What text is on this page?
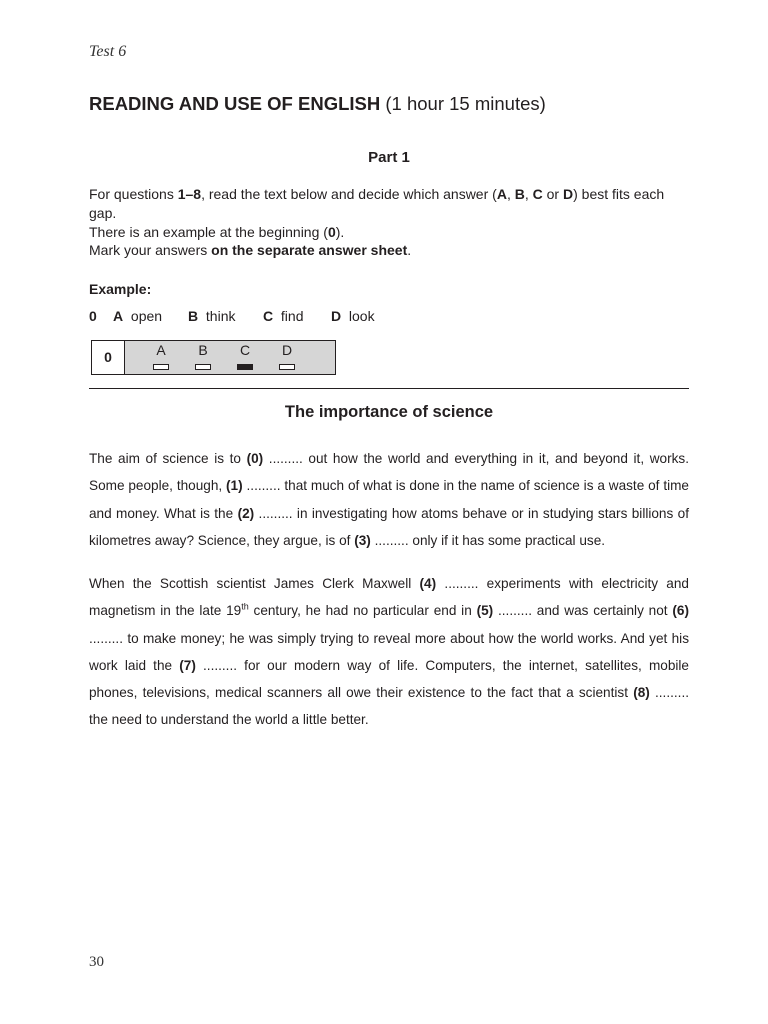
Test 6
READING AND USE OF ENGLISH (1 hour 15 minutes)
Part 1
For questions 1–8, read the text below and decide which answer (A, B, C or D) best fits each gap.
There is an example at the beginning (0).
Mark your answers on the separate answer sheet.
Example:
0 A open B think C find D look
0	A	B	C D
The importance of science
The aim of science is to (0) ......... out how the world and everything in it, and beyond it, works. Some people, though, (1) ......... that much of what is done in the name of science is a waste of time and money. What is the (2) ......... in investigating how atoms behave or in studying stars billions of kilometres away? Science, they argue, is of (3) ......... only if it has some practical use.
When the Scottish scientist James Clerk Maxwell (4) ......... experiments with electricity and magnetism in the late 19th century, he had no particular end in (5) ......... and was certainly not (6) ......... to make money; he was simply trying to reveal more about how the world works. And yet his work laid the (7) ......... for our modern way of life. Computers, the internet, satellites, mobile phones, televisions, medical scanners all owe their existence to the fact that a scientist (8) ......... the need to understand the world a little better.
30
